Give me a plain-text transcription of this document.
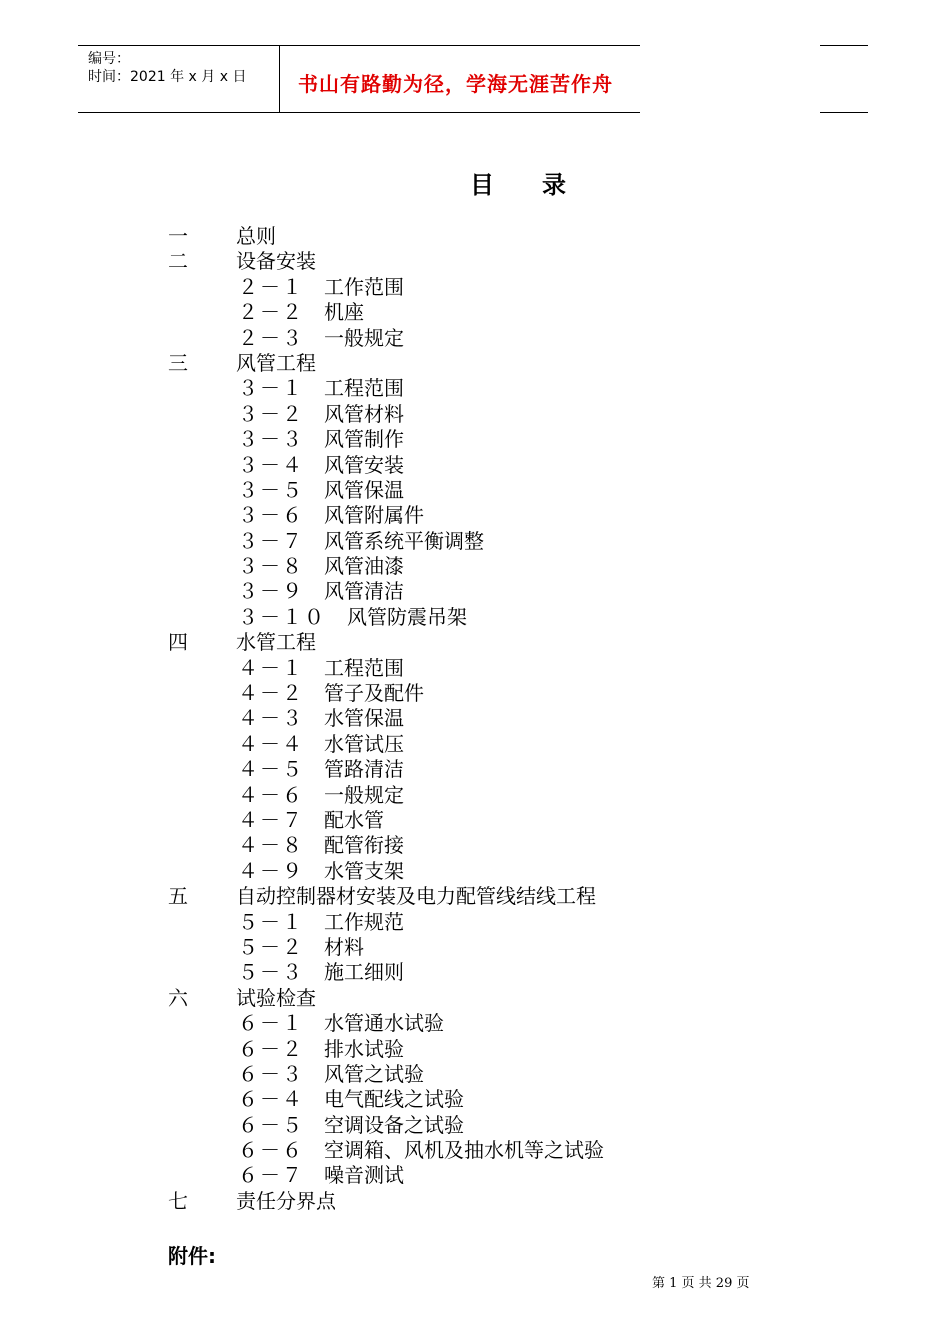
编号：
时间：2021 年 x 月 x 日	书山有路勤为径，学海无涯苦作舟
目　　录
一 总则
二 设备安装
２－１ 工作范围
２－２ 机座
２－３ 一般规定
三 风管工程
３－１ 工程范围
３－２ 风管材料
３－３ 风管制作
３－４ 风管安装
３－５ 风管保温
３－６ 风管附属件
３－７ 风管系统平衡调整
３－８ 风管油漆
３－９ 风管清洁
３－１０ 风管防震吊架
四 水管工程
４－１ 工程范围
４－２ 管子及配件
４－３ 水管保温
４－４ 水管试压
４－５ 管路清洁
４－６ 一般规定
４－７ 配水管
４－８ 配管衔接
４－９ 水管支架
五 自动控制器材安装及电力配管线结线工程
５－１ 工作规范
５－２ 材料
５－３ 施工细则
六 试验检查
６－１ 水管通水试验
６－２ 排水试验
６－３ 风管之试验
６－４ 电气配线之试验
６－５ 空调设备之试验
６－６ 空调箱、风机及抽水机等之试验
６－７ 噪音测试
七 责任分界点
附件:
第 1 页 共 29 页
